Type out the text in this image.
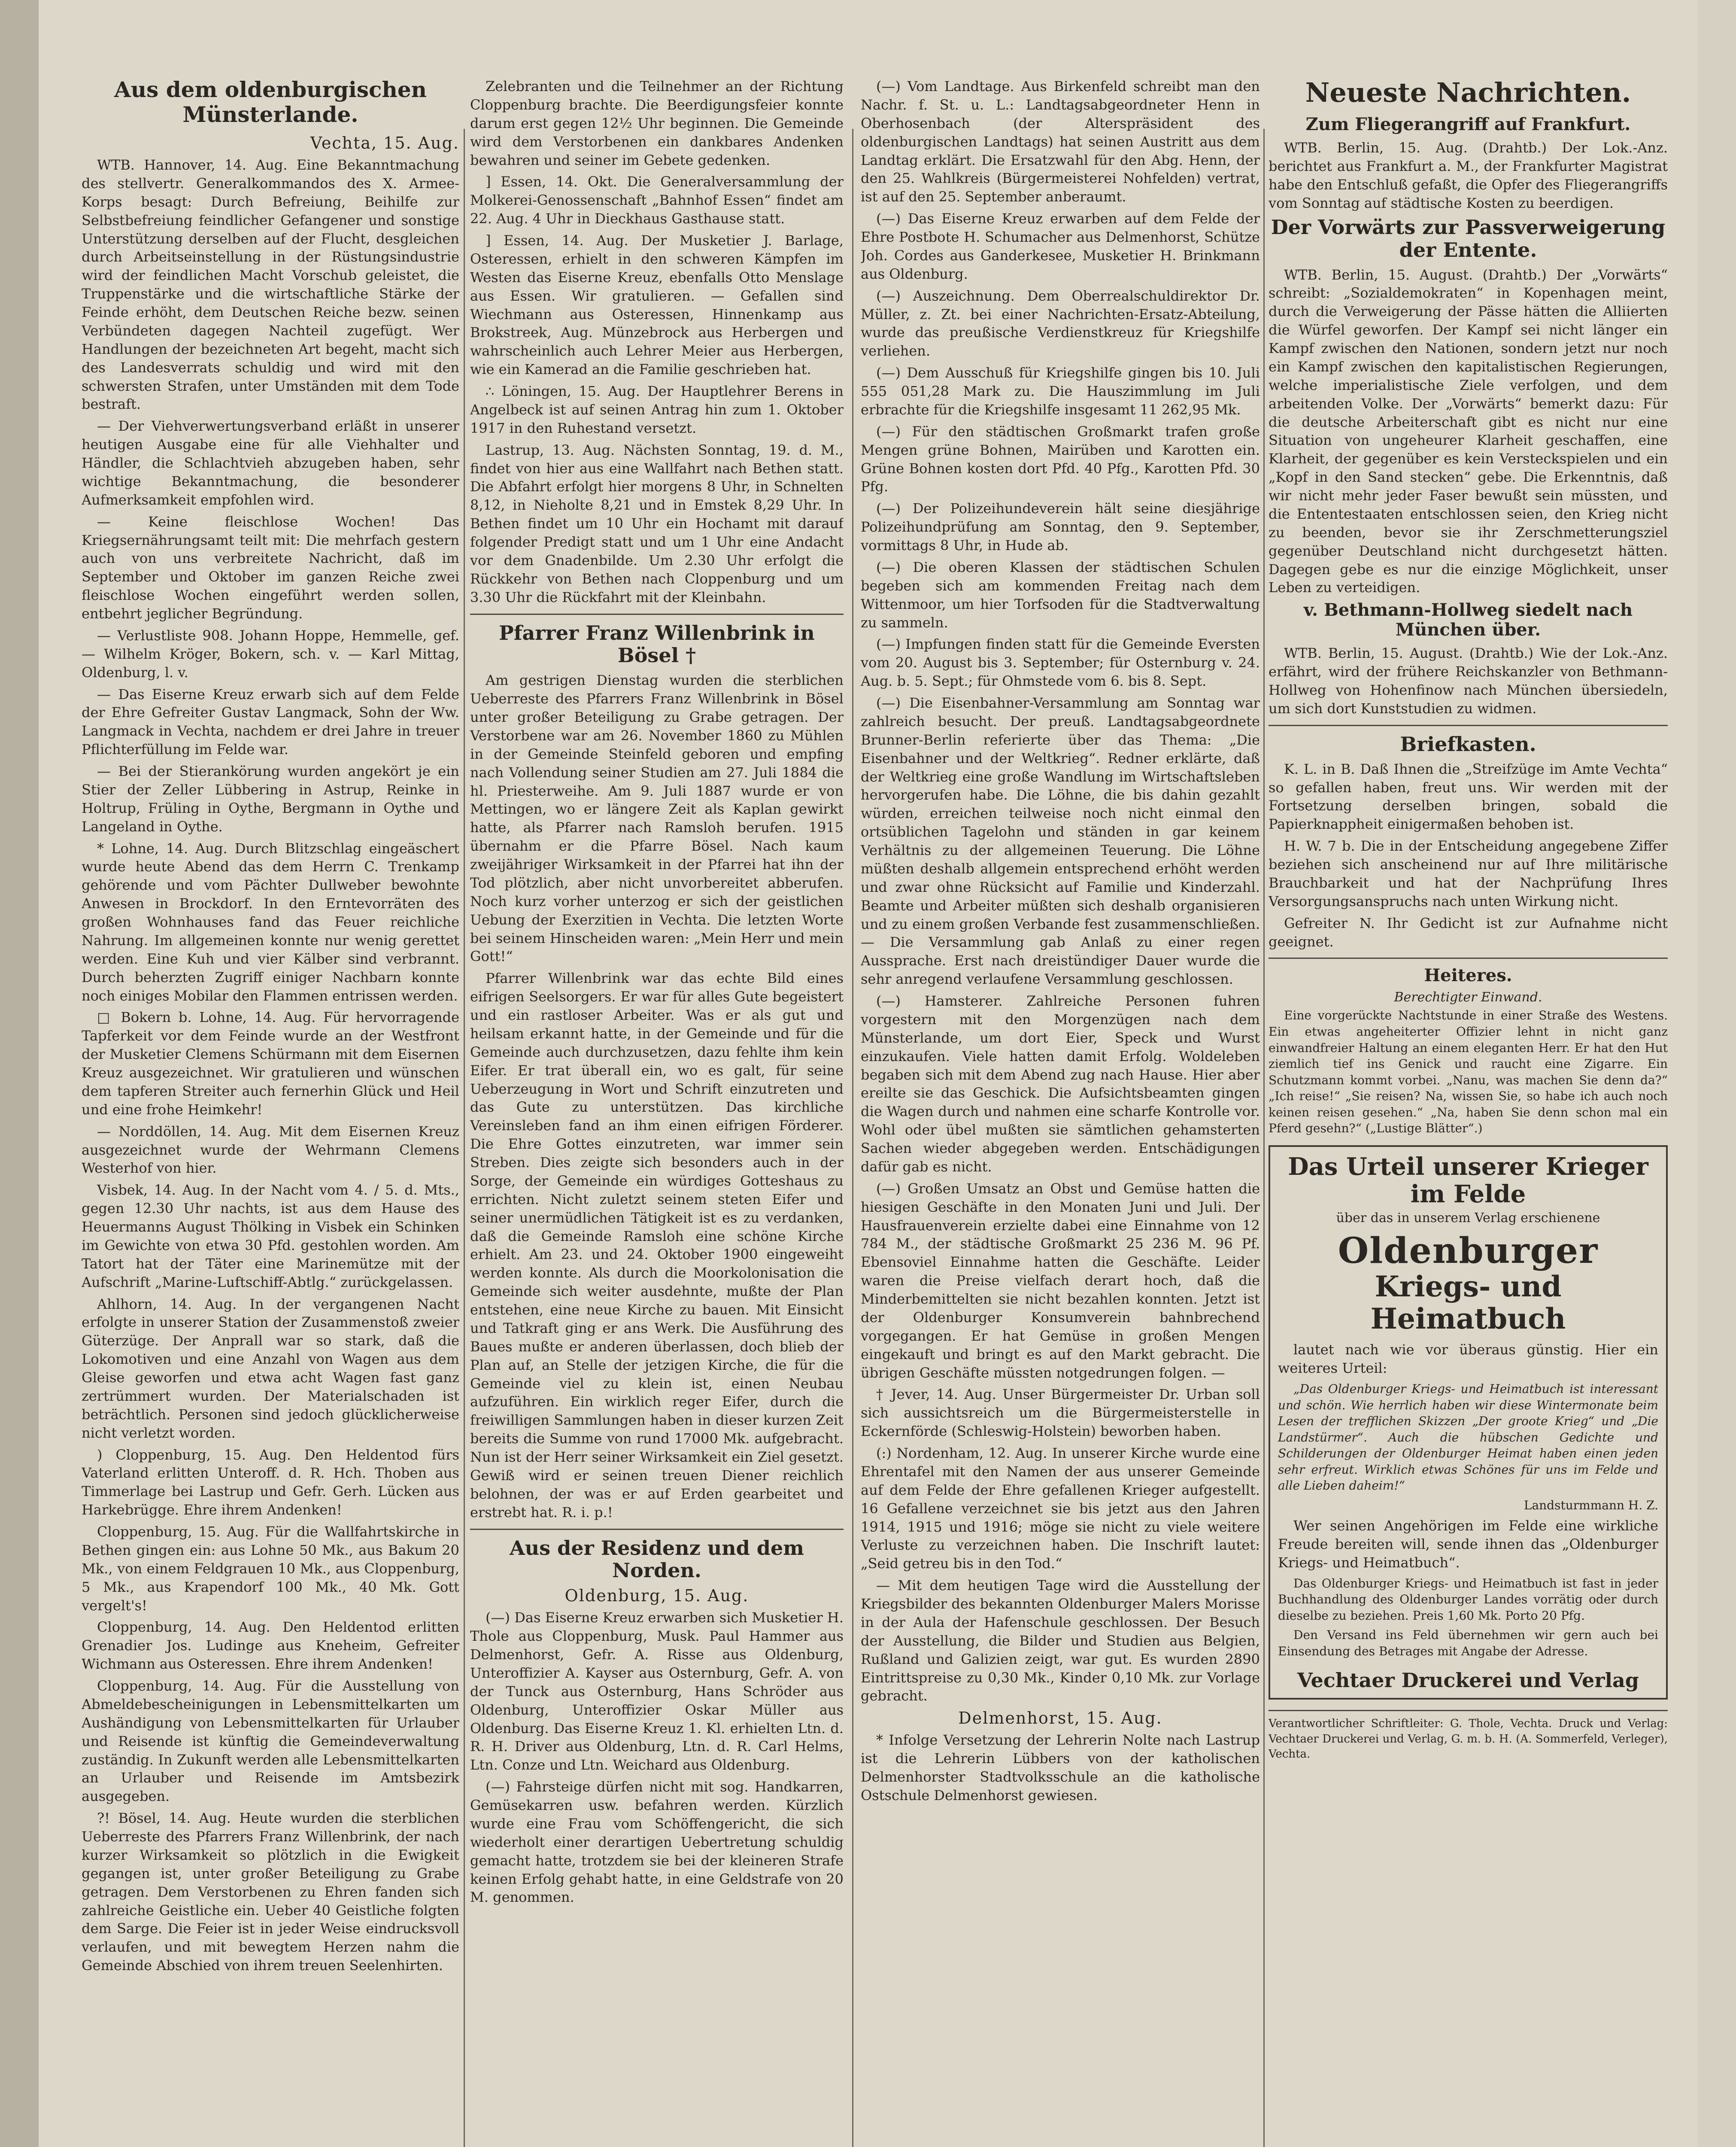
Aus dem oldenburgischen Münsterlande.
Vechta, 15. Aug.

WTB. Hannover, 14. Aug. Eine Bekanntmachung des stellvertr. Generalkommandos des X. Armee-Korps besagt: Durch Befreiung, Beihilfe zur Selbstbefreiung feindlicher Gefangener und sonstige Unterstützung derselben auf der Flucht, desgleichen durch Arbeitseinstellung in der Rüstungsindustrie wird der feindlichen Macht Vorschub geleistet, die Truppenstärke und die wirtschaftliche Stärke der Feinde erhöht, dem Deutschen Reiche bezw. seinen Verbündeten dagegen Nachteil zugefügt. Wer Handlungen der bezeichneten Art begeht, macht sich des Landesverrats schuldig und wird mit den schwersten Strafen, unter Umständen mit dem Tode bestraft.

— Der Viehverwertungsverband erläßt in unserer heutigen Ausgabe eine für alle Viehhalter und Händler, die Schlachtvieh abzugeben haben, sehr wichtige Bekanntmachung, die besonderer Aufmerksamkeit empfohlen wird.

— Keine fleischlose Wochen! Das Kriegsernährungsamt teilt mit: Die mehrfach gestern auch von uns verbreitete Nachricht, daß im September und Oktober im ganzen Reiche zwei fleischlose Wochen eingeführt werden sollen, entbehrt jeglicher Begründung.

— Verlustliste 908. Johann Hoppe, Hemmelle, gef. — Wilhelm Kröger, Bokern, sch. v. — Karl Mittag, Oldenburg, l. v.

— Das Eiserne Kreuz erwarb sich auf dem Felde der Ehre Gefreiter Gustav Langmack, Sohn der Ww. Langmack in Vechta, nachdem er drei Jahre in treuer Pflichterfüllung im Felde war.

— Bei der Stierankörung wurden angekört je ein Stier der Zeller Lübbering in Astrup, Reinke in Holtrup, Früling in Oythe, Bergmann in Oythe und Langeland in Oythe.

* Lohne, 14. Aug. Durch Blitzschlag eingeäschert wurde heute Abend das dem Herrn C. Trenkamp gehörende und vom Pächter Dullweber bewohnte Anwesen in Brockdorf. In den Erntevorräten des großen Wohnhauses fand das Feuer reichliche Nahrung. Im allgemeinen konnte nur wenig gerettet werden. Eine Kuh und vier Kälber sind verbrannt. Durch beherzten Zugriff einiger Nachbarn konnte noch einiges Mobilar den Flammen entrissen werden.

□ Bokern b. Lohne, 14. Aug. Für hervorragende Tapferkeit vor dem Feinde wurde an der Westfront der Musketier Clemens Schürmann mit dem Eisernen Kreuz ausgezeichnet. Wir gratulieren und wünschen dem tapferen Streiter auch fernerhin Glück und Heil und eine frohe Heimkehr!

— Norddöllen, 14. Aug. Mit dem Eisernen Kreuz ausgezeichnet wurde der Wehrmann Clemens Westerhof von hier.

Visbek, 14. Aug. In der Nacht vom 4. / 5. d. Mts., gegen 12.30 Uhr nachts, ist aus dem Hause des Heuermanns August Thölking in Visbek ein Schinken im Gewichte von etwa 30 Pfd. gestohlen worden. Am Tatort hat der Täter eine Marinemütze mit der Aufschrift „Marine-Luftschiff-Abtlg.“ zurückgelassen.

Ahlhorn, 14. Aug. In der vergangenen Nacht erfolgte in unserer Station der Zusammenstoß zweier Güterzüge. Der Anprall war so stark, daß die Lokomotiven und eine Anzahl von Wagen aus dem Gleise geworfen und etwa acht Wagen fast ganz zertrümmert wurden. Der Materialschaden ist beträchtlich. Personen sind jedoch glücklicherweise nicht verletzt worden.

) Cloppenburg, 15. Aug. Den Heldentod fürs Vaterland erlitten Unteroff. d. R. Hch. Thoben aus Timmerlage bei Lastrup und Gefr. Gerh. Lücken aus Harkebrügge. Ehre ihrem Andenken!

Cloppenburg, 15. Aug. Für die Wallfahrtskirche in Bethen gingen ein: aus Lohne 50 Mk., aus Bakum 20 Mk., von einem Feldgrauen 10 Mk., aus Cloppenburg, 5 Mk., aus Krapendorf 100 Mk., 40 Mk. Gott vergelt's!

Cloppenburg, 14. Aug. Den Heldentod erlitten Grenadier Jos. Ludinge aus Kneheim, Gefreiter Wichmann aus Osteressen. Ehre ihrem Andenken!

Cloppenburg, 14. Aug. Für die Ausstellung von Abmeldebescheinigungen in Lebensmittelkarten um Aushändigung von Lebensmittelkarten für Urlauber und Reisende ist künftig die Gemeindeverwaltung zuständig. In Zukunft werden alle Lebensmittelkarten an Urlauber und Reisende im Amtsbezirk ausgegeben.

?! Bösel, 14. Aug. Heute wurden die sterblichen Ueberreste des Pfarrers Franz Willenbrink, der nach kurzer Wirksamkeit so plötzlich in die Ewigkeit gegangen ist, unter großer Beteiligung zu Grabe getragen. Dem Verstorbenen zu Ehren fanden sich zahlreiche Geistliche ein. Ueber 40 Geistliche folgten dem Sarge. Die Feier ist in jeder Weise eindrucksvoll verlaufen, und mit bewegtem Herzen nahm die Gemeinde Abschied von ihrem treuen Seelenhirten.

Zelebranten und die Teilnehmer an der Richtung Cloppenburg brachte. Die Beerdigungsfeier konnte darum erst gegen 12½ Uhr beginnen. Die Gemeinde wird dem Verstorbenen ein dankbares Andenken bewahren und seiner im Gebete gedenken.

] Essen, 14. Okt. Die Generalversammlung der Molkerei-Genossenschaft „Bahnhof Essen“ findet am 22. Aug. 4 Uhr in Dieckhaus Gasthause statt.

] Essen, 14. Aug. Der Musketier J. Barlage, Osteressen, erhielt in den schweren Kämpfen im Westen das Eiserne Kreuz, ebenfalls Otto Menslage aus Essen. Wir gratulieren. — Gefallen sind Wiechmann aus Osteressen, Hinnenkamp aus Brokstreek, Aug. Münzebrock aus Herbergen und wahrscheinlich auch Lehrer Meier aus Herbergen, wie ein Kamerad an die Familie geschrieben hat.

∴ Löningen, 15. Aug. Der Hauptlehrer Berens in Angelbeck ist auf seinen Antrag hin zum 1. Oktober 1917 in den Ruhestand versetzt.

Lastrup, 13. Aug. Nächsten Sonntag, 19. d. M., findet von hier aus eine Wallfahrt nach Bethen statt. Die Abfahrt erfolgt hier morgens 8 Uhr, in Schnelten 8,12, in Nieholte 8,21 und in Emstek 8,29 Uhr. In Bethen findet um 10 Uhr ein Hochamt mit darauf folgender Predigt statt und um 1 Uhr eine Andacht vor dem Gnadenbilde. Um 2.30 Uhr erfolgt die Rückkehr von Bethen nach Cloppenburg und um 3.30 Uhr die Rückfahrt mit der Kleinbahn.

Pfarrer Franz Willenbrink in Bösel †

Am gestrigen Dienstag wurden die sterblichen Ueberreste des Pfarrers Franz Willenbrink in Bösel unter großer Beteiligung zu Grabe getragen. Der Verstorbene war am 26. November 1860 zu Mühlen in der Gemeinde Steinfeld geboren und empfing nach Vollendung seiner Studien am 27. Juli 1884 die hl. Priesterweihe. Am 9. Juli 1887 wurde er von Mettingen, wo er längere Zeit als Kaplan gewirkt hatte, als Pfarrer nach Ramsloh berufen. 1915 übernahm er die Pfarre Bösel. Nach kaum zweijähriger Wirksamkeit in der Pfarrei hat ihn der Tod plötzlich, aber nicht unvorbereitet abberufen. Noch kurz vorher unterzog er sich der geistlichen Uebung der Exerzitien in Vechta. Die letzten Worte bei seinem Hinscheiden waren: „Mein Herr und mein Gott!“

Pfarrer Willenbrink war das echte Bild eines eifrigen Seelsorgers. Er war für alles Gute begeistert und ein rastloser Arbeiter. Was er als gut und heilsam erkannt hatte, in der Gemeinde und für die Gemeinde auch durchzusetzen, dazu fehlte ihm kein Eifer. Er trat überall ein, wo es galt, für seine Ueberzeugung in Wort und Schrift einzutreten und das Gute zu unterstützen. Das kirchliche Vereinsleben fand an ihm einen eifrigen Förderer. Die Ehre Gottes einzutreten, war immer sein Streben. Dies zeigte sich besonders auch in der Sorge, der Gemeinde ein würdiges Gotteshaus zu errichten. Nicht zuletzt seinem steten Eifer und seiner unermüdlichen Tätigkeit ist es zu verdanken, daß die Gemeinde Ramsloh eine schöne Kirche erhielt. Am 23. und 24. Oktober 1900 eingeweiht werden konnte. Als durch die Moorkolonisation die Gemeinde sich weiter ausdehnte, mußte der Plan entstehen, eine neue Kirche zu bauen. Mit Einsicht und Tatkraft ging er ans Werk. Die Ausführung des Baues mußte er anderen überlassen, doch blieb der Plan auf, an Stelle der jetzigen Kirche, die für die Gemeinde viel zu klein ist, einen Neubau aufzuführen. Ein wirklich reger Eifer, durch die freiwilligen Sammlungen haben in dieser kurzen Zeit bereits die Summe von rund 17000 Mk. aufgebracht. Nun ist der Herr seiner Wirksamkeit ein Ziel gesetzt. Gewiß wird er seinen treuen Diener reichlich belohnen, der was er auf Erden gearbeitet und erstrebt hat. R. i. p.!

Aus der Residenz und dem Norden.
Oldenburg, 15. Aug.

(—) Das Eiserne Kreuz erwarben sich Musketier H. Thole aus Cloppenburg, Musk. Paul Hammer aus Delmenhorst, Gefr. A. Risse aus Oldenburg, Unteroffizier A. Kayser aus Osternburg, Gefr. A. von der Tunck aus Osternburg, Hans Schröder aus Oldenburg, Unteroffizier Oskar Müller aus Oldenburg. Das Eiserne Kreuz 1. Kl. erhielten Ltn. d. R. H. Driver aus Oldenburg, Ltn. d. R. Carl Helms, Ltn. Conze und Ltn. Weichard aus Oldenburg.

(—) Fahrsteige dürfen nicht mit sog. Handkarren, Gemüsekarren usw. befahren werden. Kürzlich wurde eine Frau vom Schöffengericht, die sich wiederholt einer derartigen Uebertretung schuldig gemacht hatte, trotzdem sie bei der kleineren Strafe keinen Erfolg gehabt hatte, in eine Geldstrafe von 20 M. genommen.

(—) Vom Landtage. Aus Birkenfeld schreibt man den Nachr. f. St. u. L.: Landtagsabgeordneter Henn in Oberhosenbach (der Alterspräsident des oldenburgischen Landtags) hat seinen Austritt aus dem Landtag erklärt. Die Ersatzwahl für den Abg. Henn, der den 25. Wahlkreis (Bürgermeisterei Nohfelden) vertrat, ist auf den 25. September anberaumt.

(—) Das Eiserne Kreuz erwarben auf dem Felde der Ehre Postbote H. Schumacher aus Delmenhorst, Schütze Joh. Cordes aus Ganderkesee, Musketier H. Brinkmann aus Oldenburg.

(—) Auszeichnung. Dem Oberrealschuldirektor Dr. Müller, z. Zt. bei einer Nachrichten-Ersatz-Abteilung, wurde das preußische Verdienstkreuz für Kriegshilfe verliehen.

(—) Dem Ausschuß für Kriegshilfe gingen bis 10. Juli 555 051,28 Mark zu. Die Hauszimmlung im Juli erbrachte für die Kriegshilfe insgesamt 11 262,95 Mk.

(—) Für den städtischen Großmarkt trafen große Mengen grüne Bohnen, Mairüben und Karotten ein. Grüne Bohnen kosten dort Pfd. 40 Pfg., Karotten Pfd. 30 Pfg.

(—) Der Polizeihundeverein hält seine diesjährige Polizeihundprüfung am Sonntag, den 9. September, vormittags 8 Uhr, in Hude ab.

(—) Die oberen Klassen der städtischen Schulen begeben sich am kommenden Freitag nach dem Wittenmoor, um hier Torfsoden für die Stadtverwaltung zu sammeln.

(—) Impfungen finden statt für die Gemeinde Eversten vom 20. August bis 3. September; für Osternburg v. 24. Aug. b. 5. Sept.; für Ohmstede vom 6. bis 8. Sept.

(—) Die Eisenbahner-Versammlung am Sonntag war zahlreich besucht. Der preuß. Landtagsabgeordnete Brunner-Berlin referierte über das Thema: „Die Eisenbahner und der Weltkrieg“. Redner erklärte, daß der Weltkrieg eine große Wandlung im Wirtschaftsleben hervorgerufen habe. Die Löhne, die bis dahin gezahlt würden, erreichen teilweise noch nicht einmal den ortsüblichen Tagelohn und ständen in gar keinem Verhältnis zu der allgemeinen Teuerung. Die Löhne müßten deshalb allgemein entsprechend erhöht werden und zwar ohne Rücksicht auf Familie und Kinderzahl. Beamte und Arbeiter müßten sich deshalb organisieren und zu einem großen Verbande fest zusammenschließen. — Die Versammlung gab Anlaß zu einer regen Aussprache. Erst nach dreistündiger Dauer wurde die sehr anregend verlaufene Versammlung geschlossen.

(—) Hamsterer. Zahlreiche Personen fuhren vorgestern mit den Morgenzügen nach dem Münsterlande, um dort Eier, Speck und Wurst einzukaufen. Viele hatten damit Erfolg. Woldeleben begaben sich mit dem Abend zug nach Hause. Hier aber ereilte sie das Geschick. Die Aufsichtsbeamten gingen die Wagen durch und nahmen eine scharfe Kontrolle vor. Wohl oder übel mußten sie sämtlichen gehamsterten Sachen wieder abgegeben werden. Entschädigungen dafür gab es nicht.

(—) Großen Umsatz an Obst und Gemüse hatten die hiesigen Geschäfte in den Monaten Juni und Juli. Der Hausfrauenverein erzielte dabei eine Einnahme von 12 784 M., der städtische Großmarkt 25 236 M. 96 Pf. Ebensoviel Einnahme hatten die Geschäfte. Leider waren die Preise vielfach derart hoch, daß die Minderbemittelten sie nicht bezahlen konnten. Jetzt ist der Oldenburger Konsumverein bahnbrechend vorgegangen. Er hat Gemüse in großen Mengen eingekauft und bringt es auf den Markt gebracht. Die übrigen Geschäfte müssten notgedrungen folgen. —

† Jever, 14. Aug. Unser Bürgermeister Dr. Urban soll sich aussichtsreich um die Bürgermeisterstelle in Eckernförde (Schleswig-Holstein) beworben haben.

(:) Nordenham, 12. Aug. In unserer Kirche wurde eine Ehrentafel mit den Namen der aus unserer Gemeinde auf dem Felde der Ehre gefallenen Krieger aufgestellt. 16 Gefallene verzeichnet sie bis jetzt aus den Jahren 1914, 1915 und 1916; möge sie nicht zu viele weitere Verluste zu verzeichnen haben. Die Inschrift lautet: „Seid getreu bis in den Tod.“

— Mit dem heutigen Tage wird die Ausstellung der Kriegsbilder des bekannten Oldenburger Malers Morisse in der Aula der Hafenschule geschlossen. Der Besuch der Ausstellung, die Bilder und Studien aus Belgien, Rußland und Galizien zeigt, war gut. Es wurden 2890 Eintrittspreise zu 0,30 Mk., Kinder 0,10 Mk. zur Vorlage gebracht.

Delmenhorst, 15. Aug.

* Infolge Versetzung der Lehrerin Nolte nach Lastrup ist die Lehrerin Lübbers von der katholischen Delmenhorster Stadtvolksschule an die katholische Ostschule Delmenhorst gewiesen.

Neueste Nachrichten.
Zum Fliegerangriff auf Frankfurt.

WTB. Berlin, 15. Aug. (Drahtb.) Der Lok.-Anz. berichtet aus Frankfurt a. M., der Frankfurter Magistrat habe den Entschluß gefaßt, die Opfer des Fliegerangriffs vom Sonntag auf städtische Kosten zu beerdigen.

Der Vorwärts zur Passverweigerung der Entente.

WTB. Berlin, 15. August. (Drahtb.) Der „Vorwärts“ schreibt: „Sozialdemokraten“ in Kopenhagen meint, durch die Verweigerung der Pässe hätten die Alliierten die Würfel geworfen. Der Kampf sei nicht länger ein Kampf zwischen den Nationen, sondern jetzt nur noch ein Kampf zwischen den kapitalistischen Regierungen, welche imperialistische Ziele verfolgen, und dem arbeitenden Volke. Der „Vorwärts“ bemerkt dazu: Für die deutsche Arbeiterschaft gibt es nicht nur eine Situation von ungeheurer Klarheit geschaffen, eine Klarheit, der gegenüber es kein Versteckspielen und ein „Kopf in den Sand stecken“ gebe. Die Erkenntnis, daß wir nicht mehr jeder Faser bewußt sein müssten, und die Ententestaaten entschlossen seien, den Krieg nicht zu beenden, bevor sie ihr Zerschmetterungsziel gegenüber Deutschland nicht durchgesetzt hätten. Dagegen gebe es nur die einzige Möglichkeit, unser Leben zu verteidigen.

v. Bethmann-Hollweg siedelt nach München über.

WTB. Berlin, 15. August. (Drahtb.) Wie der Lok.-Anz. erfährt, wird der frühere Reichskanzler von Bethmann-Hollweg von Hohenfinow nach München übersiedeln, um sich dort Kunststudien zu widmen.

Briefkasten.

K. L. in B. Daß Ihnen die „Streifzüge im Amte Vechta“ so gefallen haben, freut uns. Wir werden mit der Fortsetzung derselben bringen, sobald die Papierknappheit einigermaßen behoben ist.

H. W. 7 b. Die in der Entscheidung angegebene Ziffer beziehen sich anscheinend nur auf Ihre militärische Brauchbarkeit und hat der Nachprüfung Ihres Versorgungsanspruchs nach unten Wirkung nicht.

Gefreiter N. Ihr Gedicht ist zur Aufnahme nicht geeignet.

Heiteres.
Berechtigter Einwand.

Eine vorgerückte Nachtstunde in einer Straße des Westens. Ein etwas angeheiterter Offizier lehnt in nicht ganz einwandfreier Haltung an einem eleganten Herr. Er hat den Hut ziemlich tief ins Genick und raucht eine Zigarre. Ein Schutzmann kommt vorbei. „Nanu, was machen Sie denn da?“ „Ich reise!“ „Sie reisen? Na, wissen Sie, so habe ich auch noch keinen reisen gesehen.“ „Na, haben Sie denn schon mal ein Pferd gesehn?“ („Lustige Blätter“.)

Das Urteil unserer Krieger im Felde
über das in unserem Verlag erschienene
Oldenburger
Kriegs- und Heimatbuch

lautet nach wie vor überaus günstig. Hier ein weiteres Urteil:

„Das Oldenburger Kriegs- und Heimatbuch ist interessant und schön. Wie herrlich haben wir diese Wintermonate beim Lesen der trefflichen Skizzen „Der groote Krieg“ und „Die Landstürmer“. Auch die hübschen Gedichte und Schilderungen der Oldenburger Heimat haben einen jeden sehr erfreut. Wirklich etwas Schönes für uns im Felde und alle Lieben daheim!“

Landsturmmann H. Z.

Wer seinen Angehörigen im Felde eine wirkliche Freude bereiten will, sende ihnen das „Oldenburger Kriegs- und Heimatbuch“.

Das Oldenburger Kriegs- und Heimatbuch ist fast in jeder Buchhandlung des Oldenburger Landes vorrätig oder durch dieselbe zu beziehen. Preis 1,60 Mk. Porto 20 Pfg.

Den Versand ins Feld übernehmen wir gern auch bei Einsendung des Betrages mit Angabe der Adresse.

Vechtaer Druckerei und Verlag
Verantwortlicher Schriftleiter: G. Thole, Vechta. Druck und Verlag: Vechtaer Druckerei und Verlag, G. m. b. H. (A. Sommerfeld, Verleger), Vechta.
